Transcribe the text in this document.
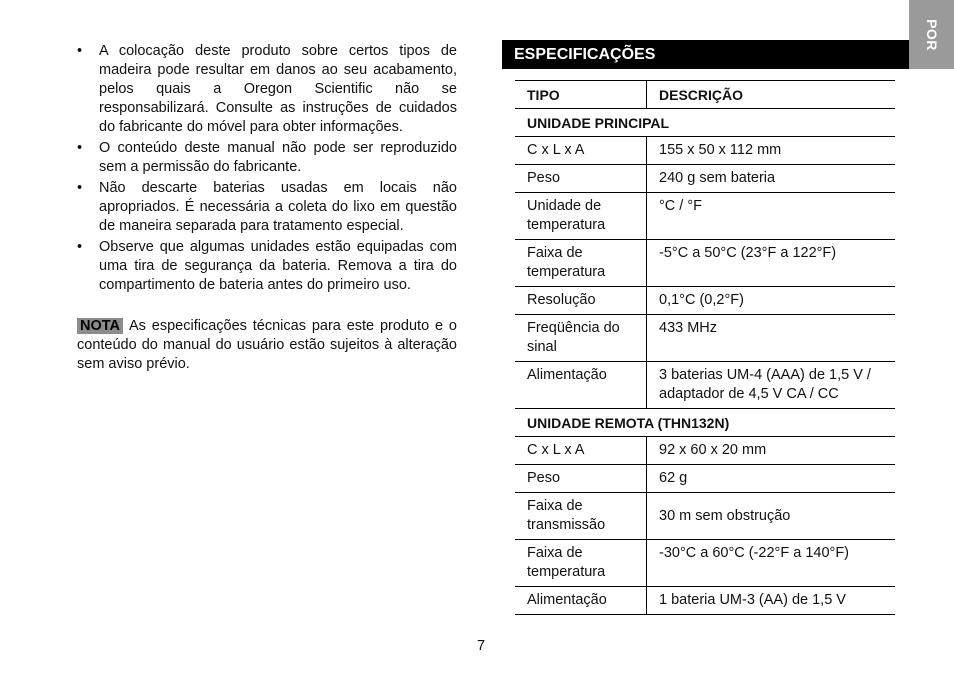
POR
• A colocação deste produto sobre certos tipos de madeira pode resultar em danos ao seu acabamento, pelos quais a Oregon Scientific não se responsabilizará. Consulte as instruções de cuidados do fabricante do móvel para obter informações.
• O conteúdo deste manual não pode ser reproduzido sem a permissão do fabricante.
• Não descarte baterias usadas em locais não apropriados. É necessária a coleta do lixo em questão de maneira separada para tratamento especial.
• Observe que algumas unidades estão equipadas com uma tira de segurança da bateria. Remova a tira do compartimento de bateria antes do primeiro uso.

NOTA As especificações técnicas para este produto e o conteúdo do manual do usuário estão sujeitos à alteração sem aviso prévio.

ESPECIFICAÇÕES
TIPO	DESCRIÇÃO
UNIDADE PRINCIPAL	
C x L x A	155 x 50 x 112 mm
Peso	240 g sem bateria
Unidade de temperatura	°C / °F
Faixa de temperatura	-5°C a 50°C (23°F a 122°F)
Resolução	0,1°C (0,2°F)
Freqüência do sinal	433 MHz
Alimentação	3 baterias UM-4 (AAA) de 1,5 V / adaptador de 4,5 V CA / CC
UNIDADE REMOTA (THN132N)	
C x L x A	92 x 60 x 20 mm
Peso	62 g
Faixa de transmissão	30 m sem obstrução
Faixa de temperatura	-30°C a 60°C (-22°F a 140°F)
Alimentação	1 bateria UM-3 (AA) de 1,5 V
7
